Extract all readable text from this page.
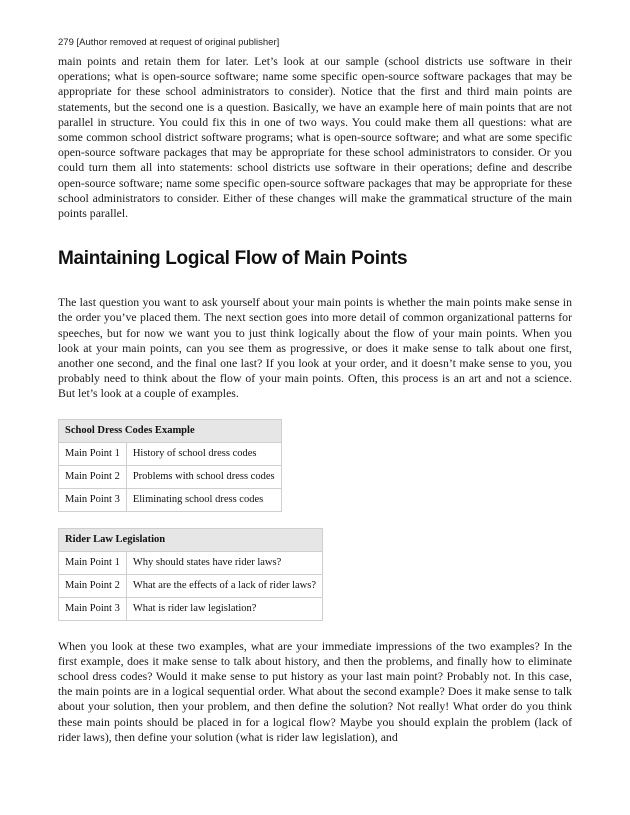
279 [Author removed at request of original publisher]

main points and retain them for later. Let’s look at our sample (school districts use software in their operations; what is open-source software; name some specific open-source software packages that may be appropriate for these school administrators to consider). Notice that the first and third main points are statements, but the second one is a question. Basically, we have an example here of main points that are not parallel in structure. You could fix this in one of two ways. You could make them all questions: what are some common school district software programs; what is open-source software; and what are some specific open-source software packages that may be appropriate for these school administrators to consider. Or you could turn them all into statements: school districts use software in their operations; define and describe open-source software; name some specific open-source software packages that may be appropriate for these school administrators to consider. Either of these changes will make the grammatical structure of the main points parallel.

Maintaining Logical Flow of Main Points

The last question you want to ask yourself about your main points is whether the main points make sense in the order you’ve placed them. The next section goes into more detail of common organizational patterns for speeches, but for now we want you to just think logically about the flow of your main points. When you look at your main points, can you see them as progressive, or does it make sense to talk about one first, another one second, and the final one last? If you look at your order, and it doesn’t make sense to you, you probably need to think about the flow of your main points. Often, this process is an art and not a science. But let’s look at a couple of examples.

School Dress Codes Example	
Main Point 1	History of school dress codes
Main Point 2	Problems with school dress codes
Main Point 3	Eliminating school dress codes
Rider Law Legislation	
Main Point 1	Why should states have rider laws?
Main Point 2	What are the effects of a lack of rider laws?
Main Point 3	What is rider law legislation?

When you look at these two examples, what are your immediate impressions of the two examples? In the first example, does it make sense to talk about history, and then the problems, and finally how to eliminate school dress codes? Would it make sense to put history as your last main point? Probably not. In this case, the main points are in a logical sequential order. What about the second example? Does it make sense to talk about your solution, then your problem, and then define the solution? Not really! What order do you think these main points should be placed in for a logical flow? Maybe you should explain the problem (lack of rider laws), then define your solution (what is rider law legislation), and
